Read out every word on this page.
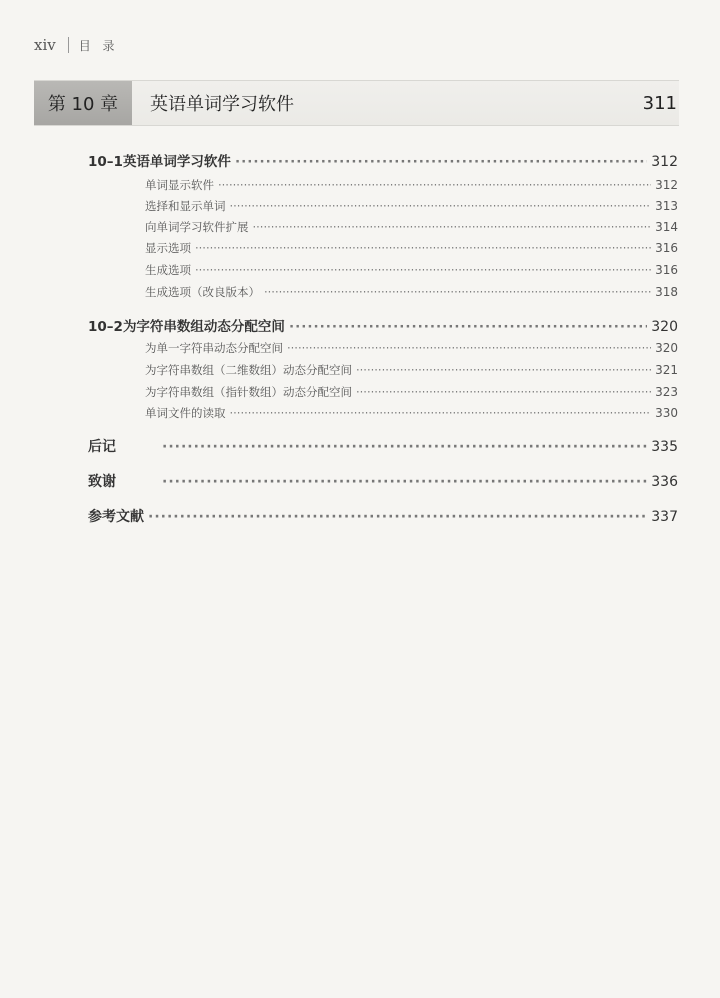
xiv 目 录
第 10 章	英语单词学习软件	311
10–1 英语单词学习软件 ·····	312
单词显示软件 ·····	312
选择和显示单词 ·····	313
向单词学习软件扩展 ·····	314
显示选项 ·····	316
生成选项 ·····	316
生成选项（改良版本） ·····	318
10–2 为字符串数组动态分配空间 ·····	320
为单一字符串动态分配空间 ·····	320
为字符串数组（二维数组）动态分配空间 ·····	321
为字符串数组（指针数组）动态分配空间 ·····	323
单词文件的读取 ·····	330
后记 ·····	335
致谢 ·····	336
参考文献 ·····	337
